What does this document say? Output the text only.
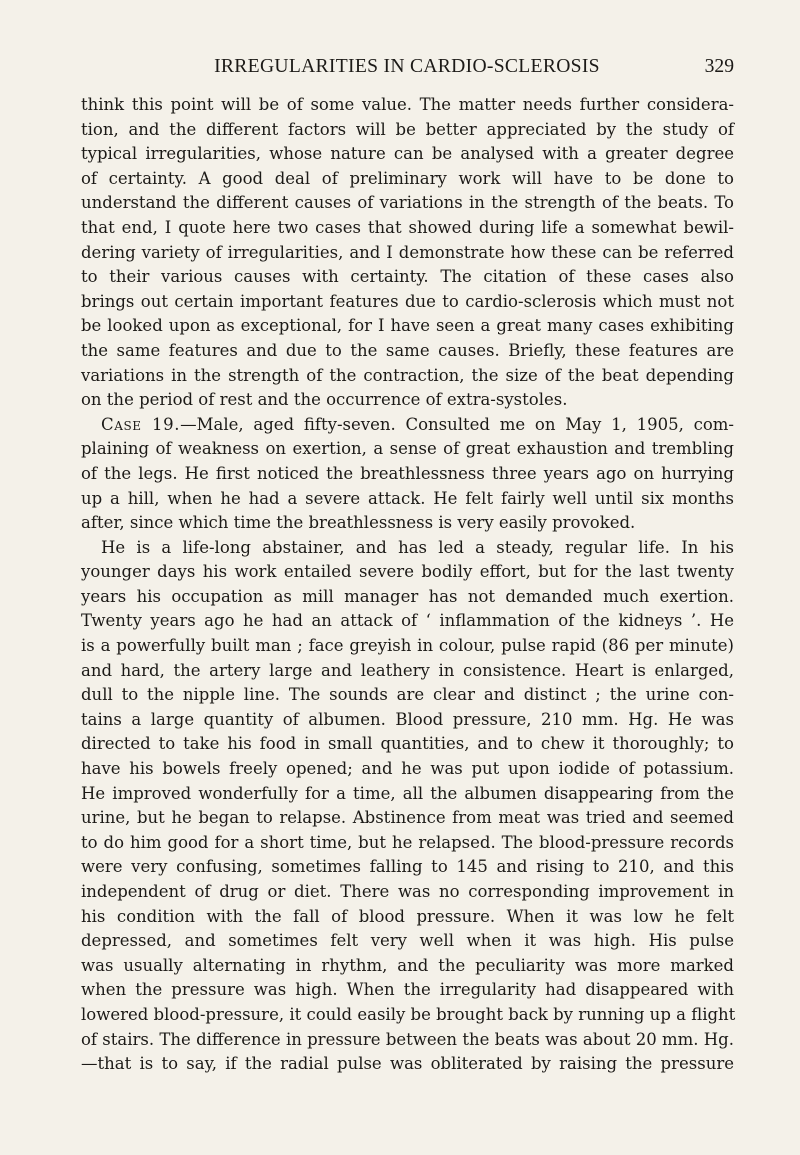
IRREGULARITIES IN CARDIO-SCLEROSIS	329
think this point will be of some value. The matter needs further considera-
tion, and the different factors will be better appreciated by the study of
typical irregularities, whose nature can be analysed with a greater degree
of certainty. A good deal of preliminary work will have to be done to
understand the different causes of variations in the strength of the beats. To
that end, I quote here two cases that showed during life a somewhat bewil-
dering variety of irregularities, and I demonstrate how these can be referred
to their various causes with certainty. The citation of these cases also
brings out certain important features due to cardio-sclerosis which must not
be looked upon as exceptional, for I have seen a great many cases exhibiting
the same features and due to the same causes. Briefly, these features are
variations in the strength of the contraction, the size of the beat depending
on the period of rest and the occurrence of extra-systoles.
Case 19.—Male, aged fifty-seven. Consulted me on May 1, 1905, com-
plaining of weakness on exertion, a sense of great exhaustion and trembling
of the legs. He first noticed the breathlessness three years ago on hurrying
up a hill, when he had a severe attack. He felt fairly well until six months
after, since which time the breathlessness is very easily provoked.
He is a life-long abstainer, and has led a steady, regular life. In his
younger days his work entailed severe bodily effort, but for the last twenty
years his occupation as mill manager has not demanded much exertion.
Twenty years ago he had an attack of ‘ inflammation of the kidneys ’. He
is a powerfully built man ; face greyish in colour, pulse rapid (86 per minute)
and hard, the artery large and leathery in consistence. Heart is enlarged,
dull to the nipple line. The sounds are clear and distinct ; the urine con-
tains a large quantity of albumen. Blood pressure, 210 mm. Hg. He was
directed to take his food in small quantities, and to chew it thoroughly; to
have his bowels freely opened; and he was put upon iodide of potassium.
He improved wonderfully for a time, all the albumen disappearing from the
urine, but he began to relapse. Abstinence from meat was tried and seemed
to do him good for a short time, but he relapsed. The blood-pressure records
were very confusing, sometimes falling to 145 and rising to 210, and this
independent of drug or diet. There was no corresponding improvement in
his condition with the fall of blood pressure. When it was low he felt
depressed, and sometimes felt very well when it was high. His pulse
was usually alternating in rhythm, and the peculiarity was more marked
when the pressure was high. When the irregularity had disappeared with
lowered blood-pressure, it could easily be brought back by running up a flight
of stairs. The difference in pressure between the beats was about 20 mm. Hg.
—that is to say, if the radial pulse was obliterated by raising the pressure
